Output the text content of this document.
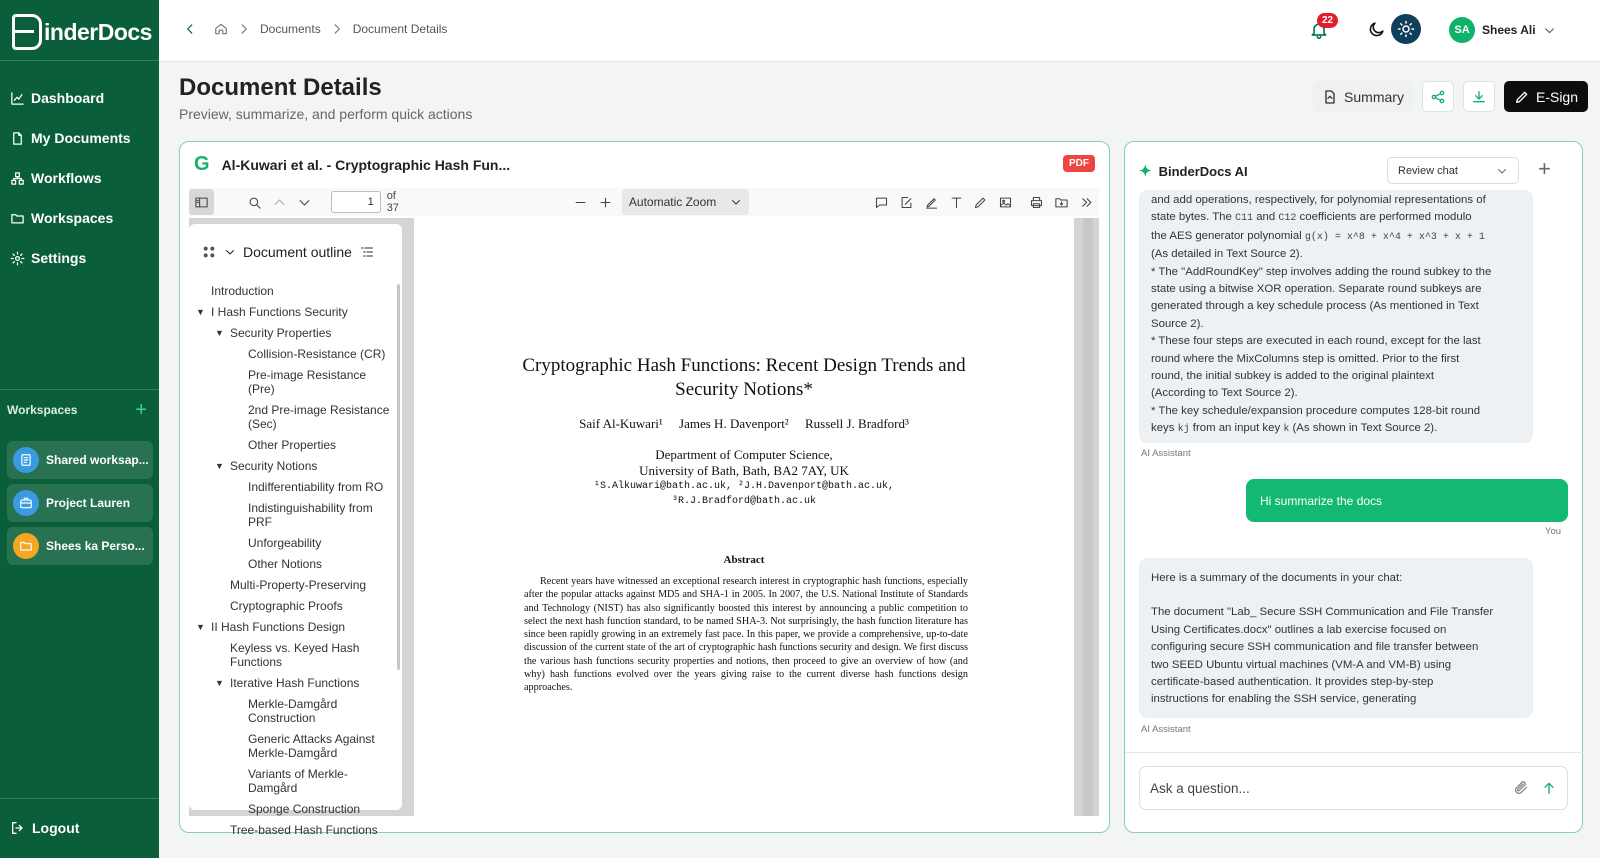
inderDocs
Dashboard
My Documents
Workflows
Workspaces
Settings
Workspaces	+
Shared worksap...
Project Lauren
Shees ka Perso...
Logout
Documents	Document Details
22
SA	Shees Ali
Document Details

Preview, summarize, and perform quick actions

Summary	E-Sign
G Al-Kuwari et al. - Cryptographic Hash Fun...	PDF
1	of 37	Automatic Zoom
Document outline
Introduction
▼ I Hash Functions Security
▼ Security Properties
Collision-Resistance (CR)
Pre-image Resistance (Pre)
2nd Pre-image Resistance (Sec)
Other Properties
▼ Security Notions
Indifferentiability from RO
Indistinguishability from PRF
Unforgeability
Other Notions
Multi-Property-Preserving
Cryptographic Proofs
▼ II Hash Functions Design
Keyless vs. Keyed Hash Functions
▼ Iterative Hash Functions
Merkle-Damgård Construction
Generic Attacks Against Merkle-Damgård
Variants of Merkle-Damgård
Sponge Construction
Tree-based Hash Functions
Cryptographic Hash Functions: Recent Design Trends and
Security Notions*
Saif Al-Kuwari¹ James H. Davenport² Russell J. Bradford³
Department of Computer Science,
University of Bath, Bath, BA2 7AY, UK
¹S.Alkuwari@bath.ac.uk, ²J.H.Davenport@bath.ac.uk,
³R.J.Bradford@bath.ac.uk
Abstract
Recent years have witnessed an exceptional research interest in cryptographic hash functions, especially after the popular attacks against MD5 and SHA-1 in 2005. In 2007, the U.S. National Institute of Standards and Technology (NIST) has also significantly boosted this interest by announcing a public competition to select the next hash function standard, to be named SHA-3. Not surprisingly, the hash function literature has since been rapidly growing in an extremely fast pace. In this paper, we provide a comprehensive, up-to-date discussion of the current state of the art of cryptographic hash functions security and design. We first discuss the various hash functions security properties and notions, then proceed to give an overview of how (and why) hash functions evolved over the years giving raise to the current diverse hash functions design approaches.
✦ BinderDocs AI	Review chat	+
and add operations, respectively, for polynomial representations of
state bytes. The C11 and C12 coefficients are performed modulo
the AES generator polynomial g(x) = x^8 + x^4 + x^3 + x + 1
(As detailed in Text Source 2).
* The "AddRoundKey" step involves adding the round subkey to the
state using a bitwise XOR operation. Separate round subkeys are
generated through a key schedule process (As mentioned in Text
Source 2).
* These four steps are executed in each round, except for the last
round where the MixColumns step is omitted. Prior to the first
round, the initial subkey is added to the original plaintext
(According to Text Source 2).
* The key schedule/expansion procedure computes 128-bit round
keys kj from an input key k (As shown in Text Source 2).
AI Assistant
Hi summarize the docs
You
Here is a summary of the documents in your chat:
The document "Lab_ Secure SSH Communication and File Transfer
Using Certificates.docx" outlines a lab exercise focused on
configuring secure SSH communication and file transfer between
two SEED Ubuntu virtual machines (VM-A and VM-B) using
certificate-based authentication. It provides step-by-step
instructions for enabling the SSH service, generating
AI Assistant
Ask a question...
